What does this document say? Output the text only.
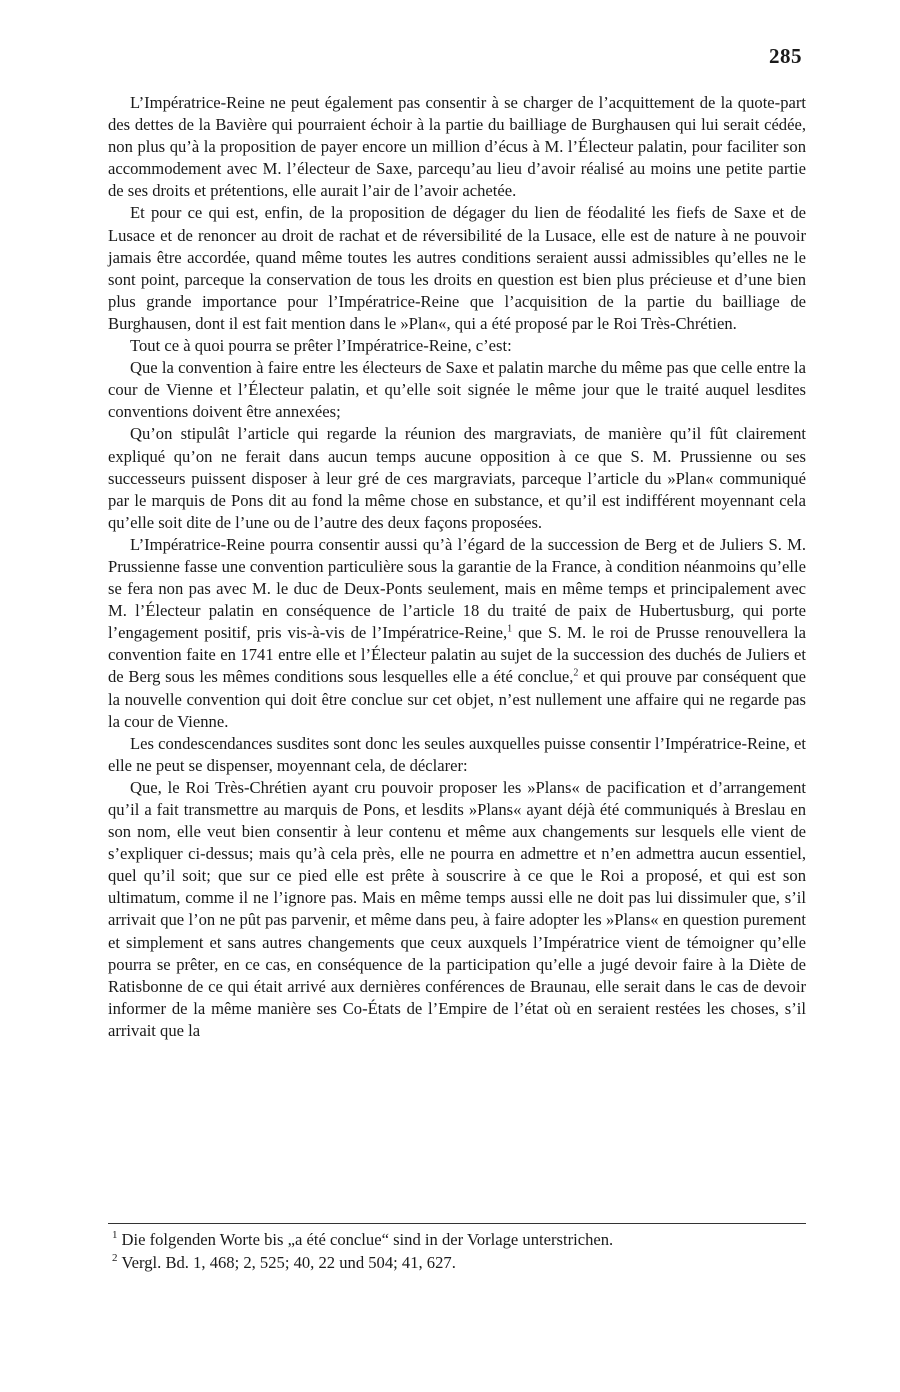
285

L’Impératrice-Reine ne peut également pas consentir à se charger de l’acquittement de la quote-part des dettes de la Bavière qui pourraient échoir à la partie du bailliage de Burghausen qui lui serait cédée, non plus qu’à la proposition de payer encore un million d’écus à M. l’Électeur palatin, pour faciliter son accommodement avec M. l’électeur de Saxe, parcequ’au lieu d’avoir réalisé au moins une petite partie de ses droits et prétentions, elle aurait l’air de l’avoir achetée.

Et pour ce qui est, enfin, de la proposition de dégager du lien de féodalité les fiefs de Saxe et de Lusace et de renoncer au droit de rachat et de réversibilité de la Lusace, elle est de nature à ne pouvoir jamais être accordée, quand même toutes les autres conditions seraient aussi admissibles qu’elles ne le sont point, parceque la conservation de tous les droits en question est bien plus précieuse et d’une bien plus grande importance pour l’Impératrice-Reine que l’acquisition de la partie du bailliage de Burghausen, dont il est fait mention dans le »Plan«, qui a été proposé par le Roi Très-Chrétien.

Tout ce à quoi pourra se prêter l’Impératrice-Reine, c’est:

Que la convention à faire entre les électeurs de Saxe et palatin marche du même pas que celle entre la cour de Vienne et l’Électeur palatin, et qu’elle soit signée le même jour que le traité auquel lesdites conventions doivent être annexées;

Qu’on stipulât l’article qui regarde la réunion des margraviats, de manière qu’il fût clairement expliqué qu’on ne ferait dans aucun temps aucune opposition à ce que S. M. Prussienne ou ses successeurs puissent disposer à leur gré de ces margraviats, parceque l’article du »Plan« communiqué par le marquis de Pons dit au fond la même chose en substance, et qu’il est indifférent moyennant cela qu’elle soit dite de l’une ou de l’autre des deux façons proposées.

L’Impératrice-Reine pourra consentir aussi qu’à l’égard de la succession de Berg et de Juliers S. M. Prussienne fasse une convention particulière sous la garantie de la France, à condition néanmoins qu’elle se fera non pas avec M. le duc de Deux-Ponts seulement, mais en même temps et principalement avec M. l’Électeur palatin en conséquence de l’article 18 du traité de paix de Hubertusburg, qui porte l’engagement positif, pris vis-à-vis de l’Impératrice-Reine,$^1$ que S. M. le roi de Prusse renouvellera la convention faite en 1741 entre elle et l’Électeur palatin au sujet de la succession des duchés de Juliers et de Berg sous les mêmes conditions sous lesquelles elle a été conclue,$^2$ et qui prouve par conséquent que la nouvelle convention qui doit être conclue sur cet objet, n’est nullement une affaire qui ne regarde pas la cour de Vienne.

Les condescendances susdites sont donc les seules auxquelles puisse consentir l’Impératrice-Reine, et elle ne peut se dispenser, moyennant cela, de déclarer:

Que, le Roi Très-Chrétien ayant cru pouvoir proposer les »Plans« de pacification et d’arrangement qu’il a fait transmettre au marquis de Pons, et lesdits »Plans« ayant déjà été communiqués à Breslau en son nom, elle veut bien consentir à leur contenu et même aux changements sur lesquels elle vient de s’expliquer ci-dessus; mais qu’à cela près, elle ne pourra en admettre et n’en admettra aucun essentiel, quel qu’il soit; que sur ce pied elle est prête à souscrire à ce que le Roi a proposé, et qui est son ultimatum, comme il ne l’ignore pas. Mais en même temps aussi elle ne doit pas lui dissimuler que, s’il arrivait que l’on ne pût pas parvenir, et même dans peu, à faire adopter les »Plans« en question purement et simplement et sans autres changements que ceux auxquels l’Impératrice vient de témoigner qu’elle pourra se prêter, en ce cas, en conséquence de la participation qu’elle a jugé devoir faire à la Diète de Ratisbonne de ce qui était arrivé aux dernières conférences de Braunau, elle serait dans le cas de devoir informer de la même manière ses Co-États de l’Empire de l’état où en seraient restées les choses, s’il arrivait que la

$^1$ Die folgenden Worte bis „a été conclue“ sind in der Vorlage unterstrichen.

$^2$ Vergl. Bd. 1, 468; 2, 525; 40, 22 und 504; 41, 627.
